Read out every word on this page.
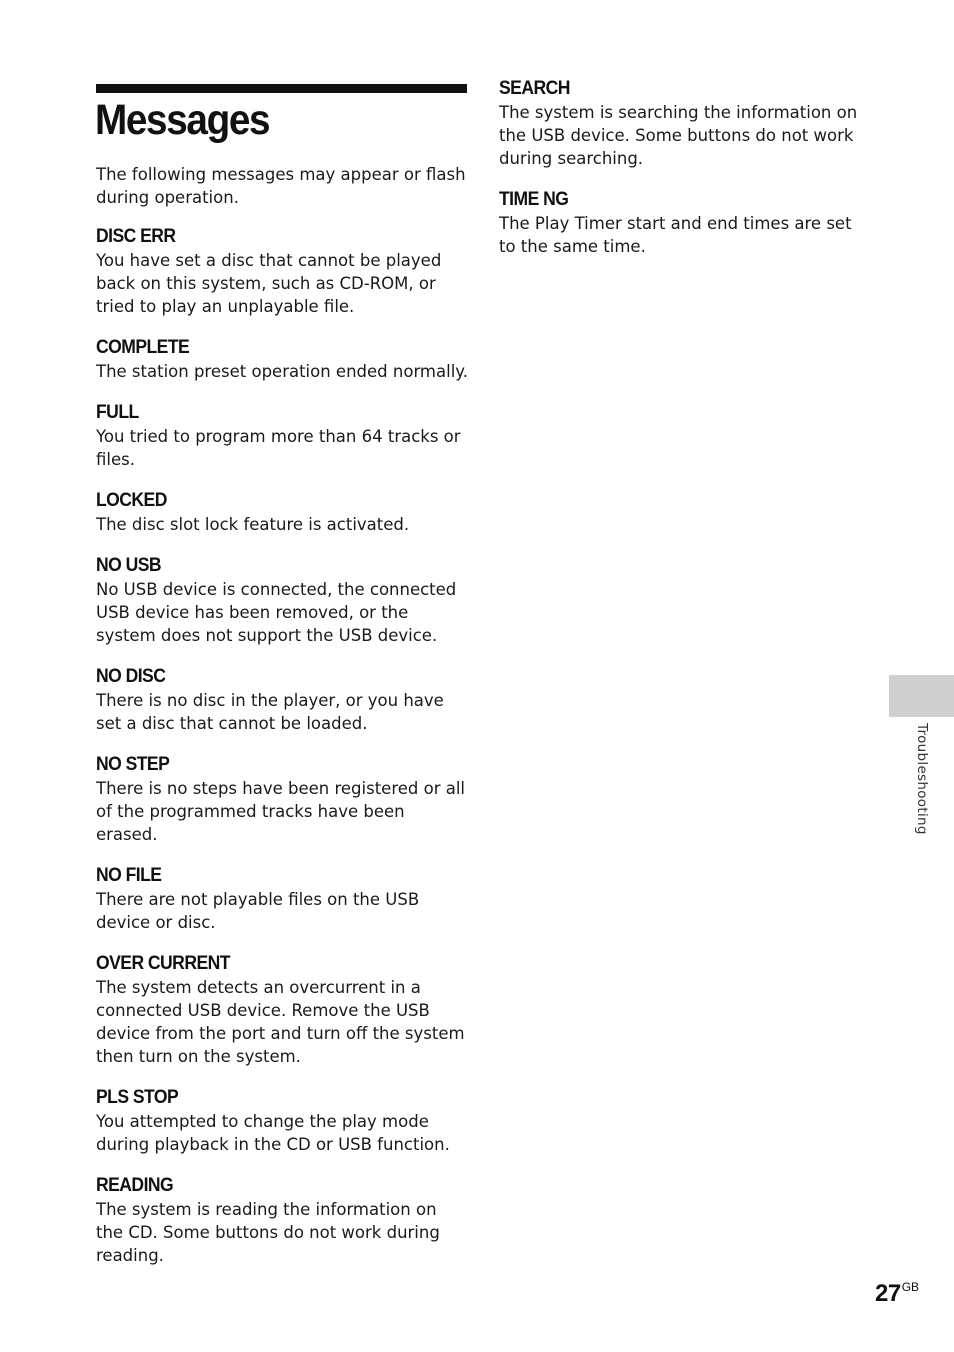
Messages

The following messages may appear or flash during operation.

DISC ERR

You have set a disc that cannot be played back on this system, such as CD-ROM, or tried to play an unplayable file.

COMPLETE

The station preset operation ended normally.

FULL

You tried to program more than 64 tracks or files.

LOCKED

The disc slot lock feature is activated.

NO USB

No USB device is connected, the connected USB device has been removed, or the system does not support the USB device.

NO DISC

There is no disc in the player, or you have set a disc that cannot be loaded.

NO STEP

There is no steps have been registered or all of the programmed tracks have been erased.

NO FILE

There are not playable files on the USB device or disc.

OVER CURRENT

The system detects an overcurrent in a connected USB device. Remove the USB device from the port and turn off the system then turn on the system.

PLS STOP

You attempted to change the play mode during playback in the CD or USB function.

READING

The system is reading the information on the CD. Some buttons do not work during reading.

SEARCH

The system is searching the information on the USB device. Some buttons do not work during searching.

TIME NG

The Play Timer start and end times are set to the same time.

Troubleshooting
$27^{GB}$
